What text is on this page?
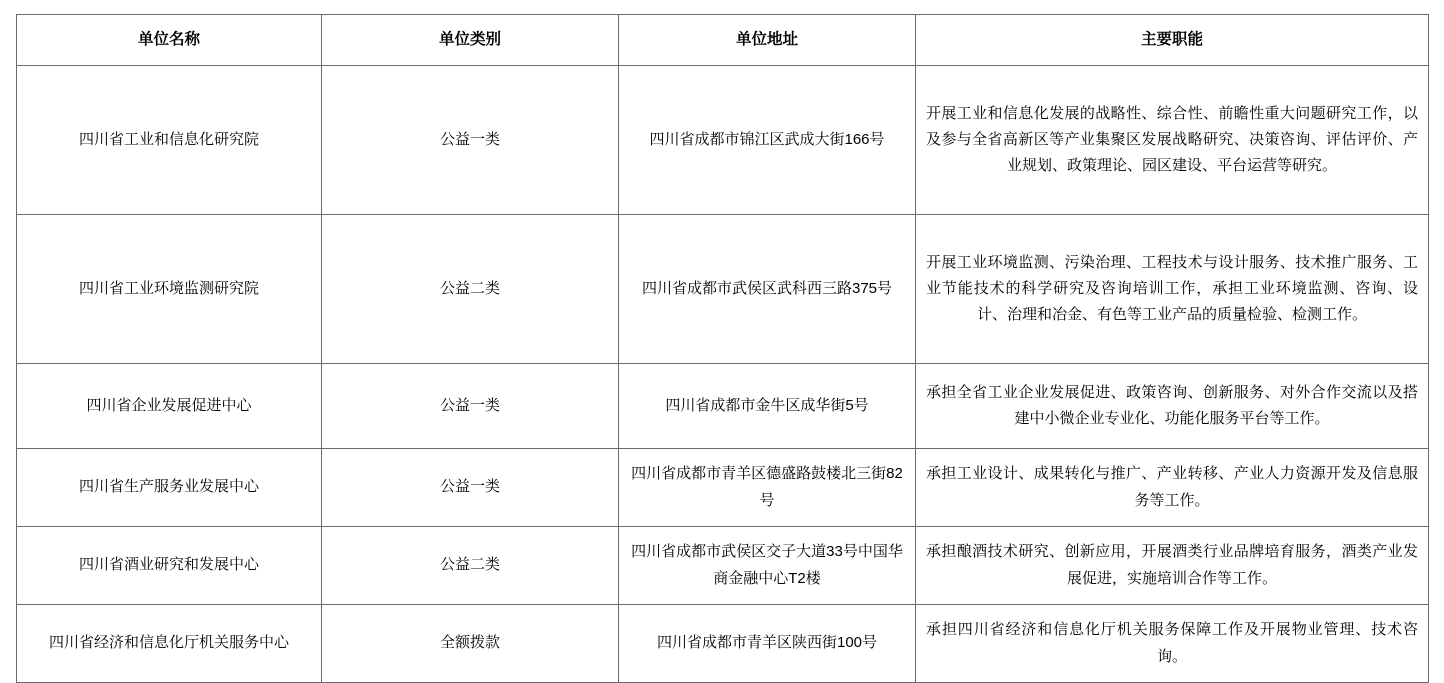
单位名称	单位类别	单位地址	主要职能
四川省工业和信息化研究院	公益一类	四川省成都市锦江区武成大街166号	开展工业和信息化发展的战略性、综合性、前瞻性重大问题研究工作，以及参与全省高新区等产业集聚区发展战略研究、决策咨询、评估评价、产业规划、政策理论、园区建设、平台运营等研究。
四川省工业环境监测研究院	公益二类	四川省成都市武侯区武科西三路375号	开展工业环境监测、污染治理、工程技术与设计服务、技术推广服务、工业节能技术的科学研究及咨询培训工作，承担工业环境监测、咨询、设计、治理和冶金、有色等工业产品的质量检验、检测工作。
四川省企业发展促进中心	公益一类	四川省成都市金牛区成华街5号	承担全省工业企业发展促进、政策咨询、创新服务、对外合作交流以及搭建中小微企业专业化、功能化服务平台等工作。
四川省生产服务业发展中心	公益一类	四川省成都市青羊区德盛路鼓楼北三街82号	承担工业设计、成果转化与推广、产业转移、产业人力资源开发及信息服务等工作。
四川省酒业研究和发展中心	公益二类	四川省成都市武侯区交子大道33号中国华商金融中心T2楼	承担酿酒技术研究、创新应用，开展酒类行业品牌培育服务，酒类产业发展促进，实施培训合作等工作。
四川省经济和信息化厅机关服务中心	全额拨款	四川省成都市青羊区陕西街100号	承担四川省经济和信息化厅机关服务保障工作及开展物业管理、技术咨询。
